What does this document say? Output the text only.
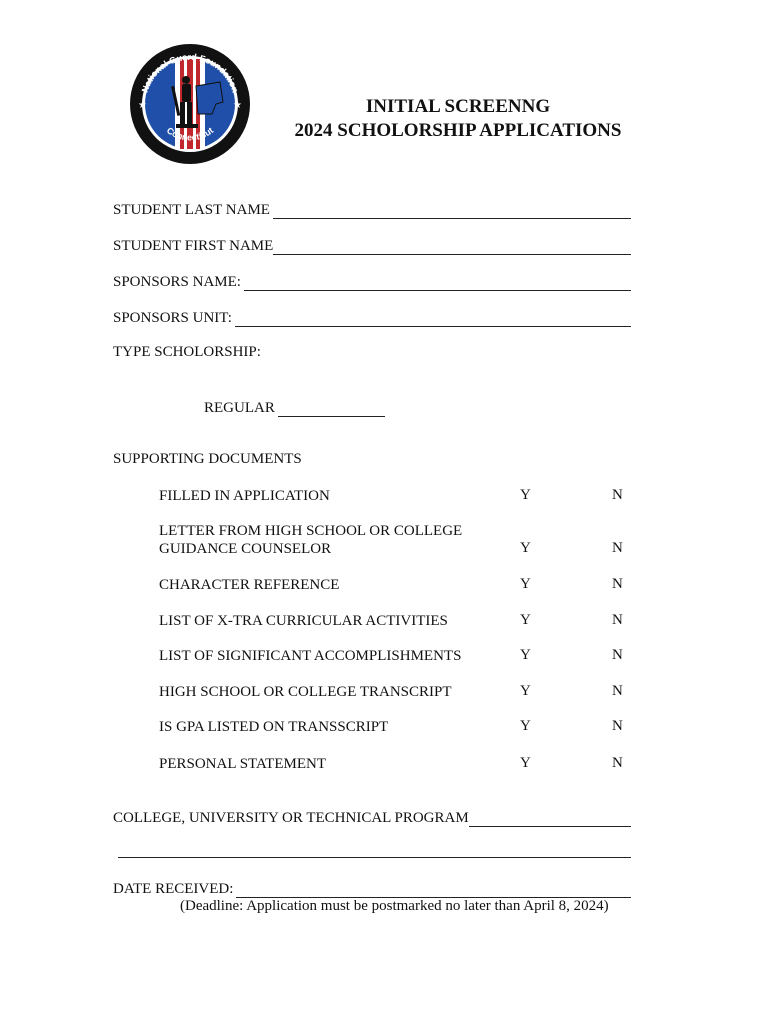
National Guard Foundation
Connecticut
★	★	INITIAL SCREENNG
2024 SCHOLORSHIP APPLICATIONS
STUDENT LAST NAME
STUDENT FIRST NAME
SPONSORS NAME:
SPONSORS UNIT:
TYPE SCHOLORSHIP:
REGULAR
SUPPORTING DOCUMENTS
FILLED IN APPLICATION	Y	N
LETTER FROM HIGH SCHOOL OR COLLEGE
GUIDANCE COUNSELOR	Y	N
CHARACTER REFERENCE	Y	N
LIST OF X-TRA CURRICULAR ACTIVITIES	Y	N
LIST OF SIGNIFICANT ACCOMPLISHMENTS	Y	N
HIGH SCHOOL OR COLLEGE TRANSCRIPT	Y	N
IS GPA LISTED ON TRANSSCRIPT	Y	N
PERSONAL STATEMENT	Y	N
COLLEGE, UNIVERSITY OR TECHNICAL PROGRAM
DATE RECEIVED:
(Deadline: Application must be postmarked no later than April 8, 2024)
